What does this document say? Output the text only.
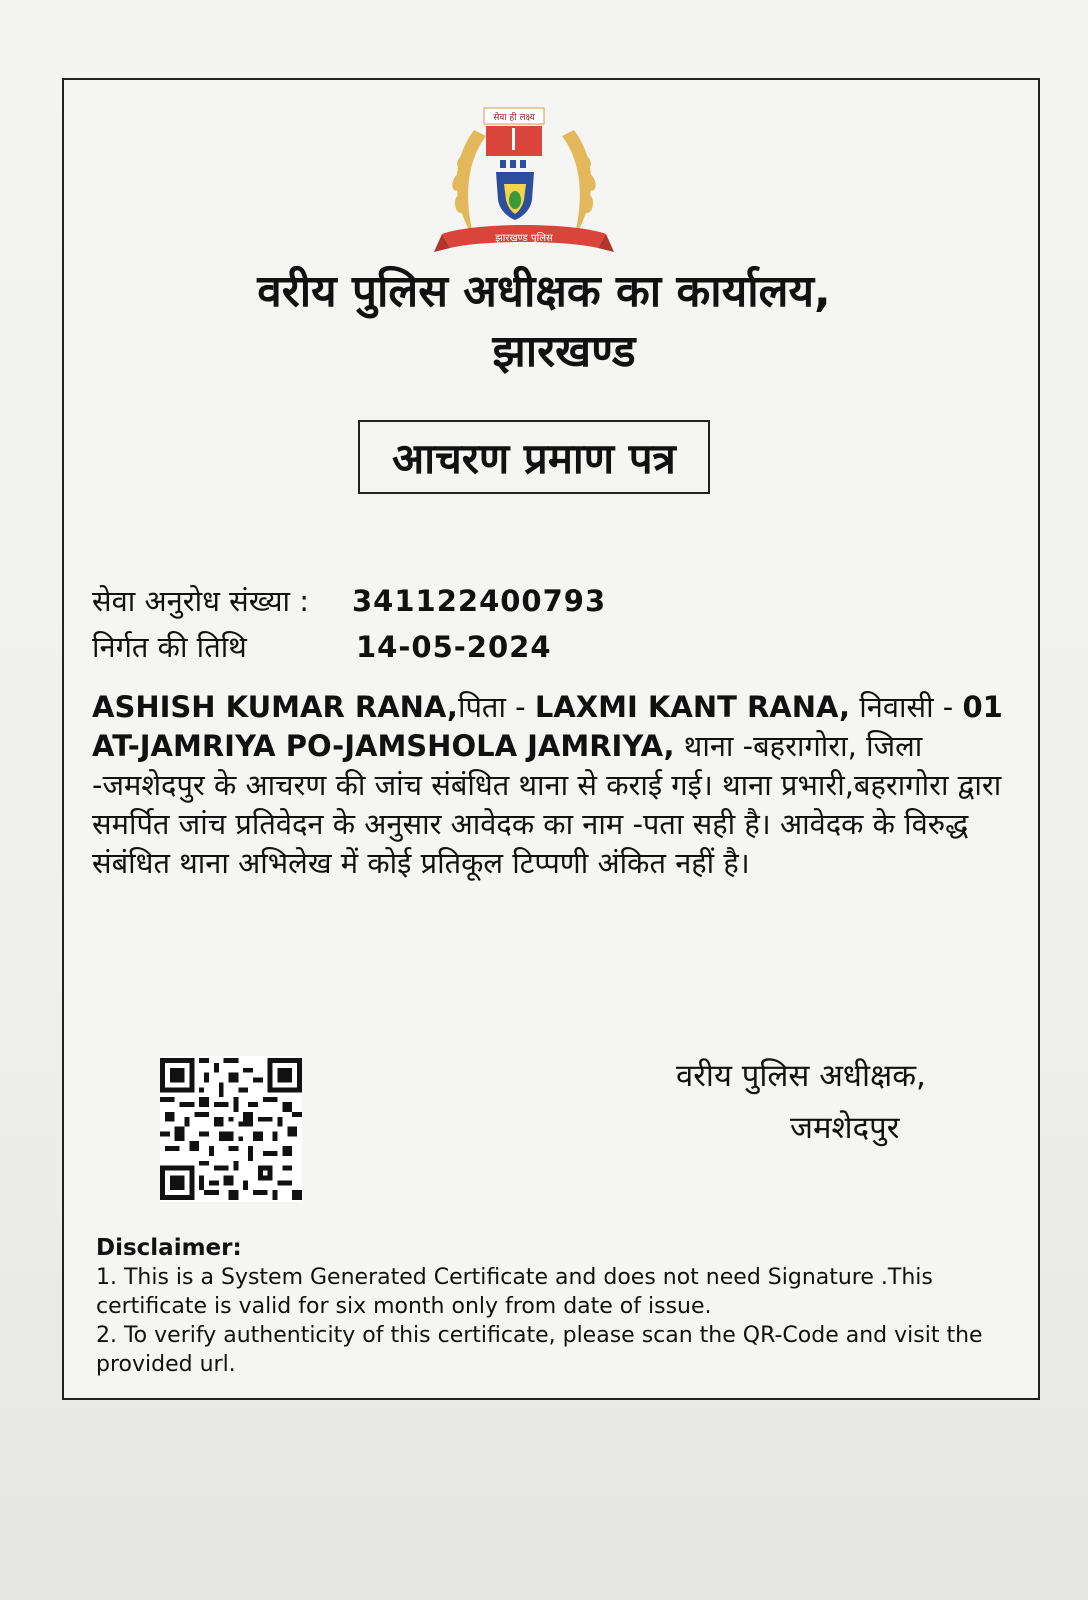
सेवा ही लक्ष्य
झारखण्ड पुलिस
वरीय पुलिस अधीक्षक का कार्यालय,
झारखण्ड
आचरण प्रमाण पत्र
सेवा अनुरोध संख्या :	341122400793
निर्गत की तिथि	14-05-2024
ASHISH KUMAR RANA,पिता - LAXMI KANT RANA, निवासी - 01 AT-JAMRIYA PO-JAMSHOLA JAMRIYA, थाना -बहरागोरा, जिला -जमशेदपुर के आचरण की जांच संबंधित थाना से कराई गई। थाना प्रभारी,बहरागोरा द्वारा समर्पित जांच प्रतिवेदन के अनुसार आवेदक का नाम -पता सही है। आवेदक के विरुद्ध संबंधित थाना अभिलेख में कोई प्रतिकूल टिप्पणी अंकित नहीं है।
वरीय पुलिस अधीक्षक,
जमशेदपुर
Disclaimer:
1. This is a System Generated Certificate and does not need Signature .This certificate is valid for six month only from date of issue.
2. To verify authenticity of this certificate, please scan the QR-Code and visit the provided url.
